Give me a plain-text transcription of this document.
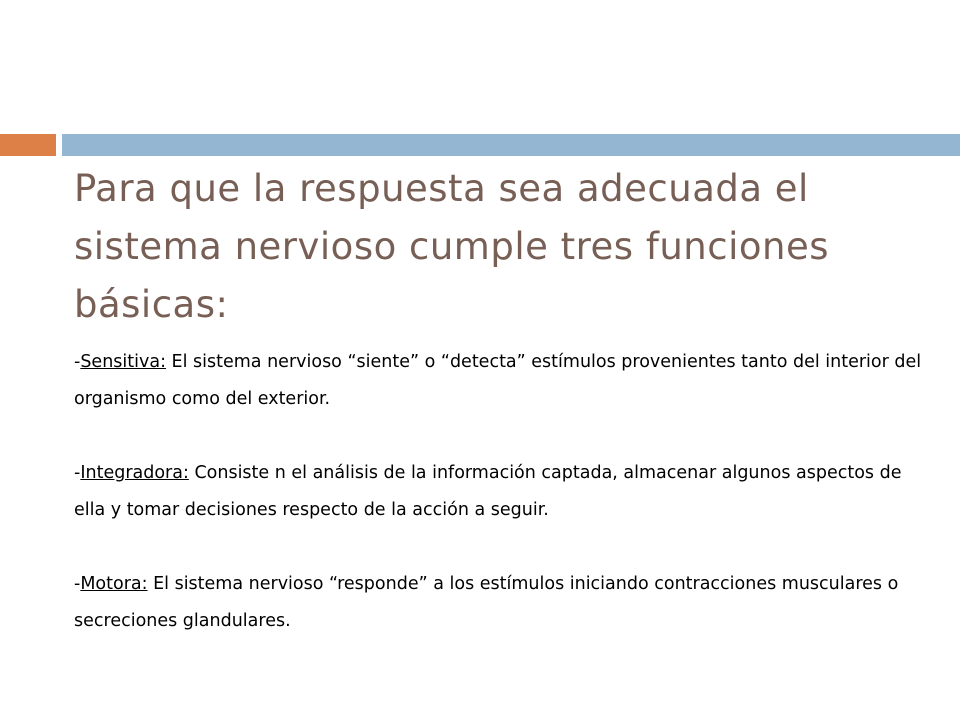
Para que la respuesta sea adecuada el sistema nervioso cumple tres funciones básicas:

-Sensitiva: El sistema nervioso “siente” o “detecta” estímulos provenientes tanto del interior del organismo como del exterior.

-Integradora: Consiste n el análisis de la información captada, almacenar algunos aspectos de ella y tomar decisiones respecto de la acción a seguir.

-Motora: El sistema nervioso “responde” a los estímulos iniciando contracciones musculares o secreciones glandulares.
